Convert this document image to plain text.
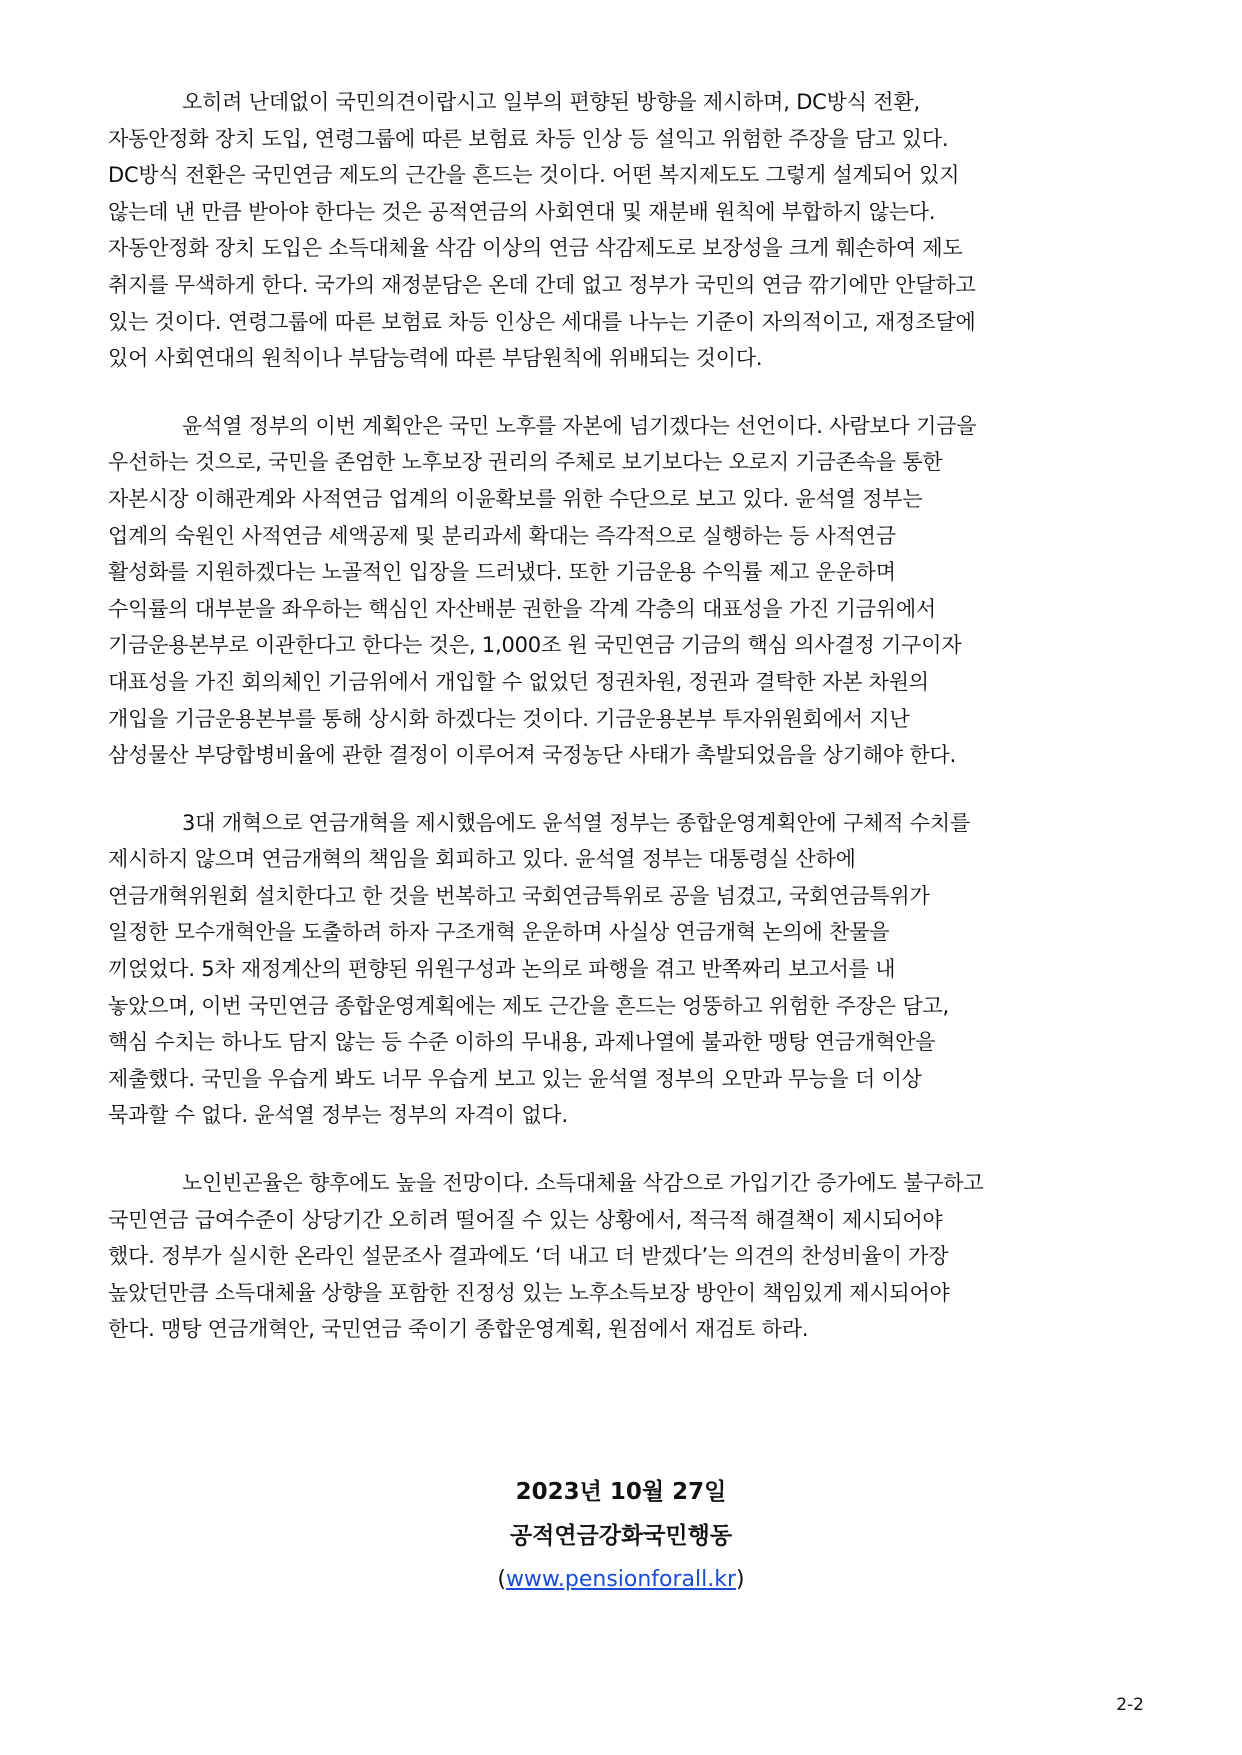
오히려 난데없이 국민의견이랍시고 일부의 편향된 방향을 제시하며, DC방식 전환,
자동안정화 장치 도입, 연령그룹에 따른 보험료 차등 인상 등 설익고 위험한 주장을 담고 있다.
DC방식 전환은 국민연금 제도의 근간을 흔드는 것이다. 어떤 복지제도도 그렇게 설계되어 있지
않는데 낸 만큼 받아야 한다는 것은 공적연금의 사회연대 및 재분배 원칙에 부합하지 않는다.
자동안정화 장치 도입은 소득대체율 삭감 이상의 연금 삭감제도로 보장성을 크게 훼손하여 제도
취지를 무색하게 한다. 국가의 재정분담은 온데 간데 없고 정부가 국민의 연금 깎기에만 안달하고
있는 것이다. 연령그룹에 따른 보험료 차등 인상은 세대를 나누는 기준이 자의적이고, 재정조달에
있어 사회연대의 원칙이나 부담능력에 따른 부담원칙에 위배되는 것이다.

윤석열 정부의 이번 계획안은 국민 노후를 자본에 넘기겠다는 선언이다. 사람보다 기금을
우선하는 것으로, 국민을 존엄한 노후보장 권리의 주체로 보기보다는 오로지 기금존속을 통한
자본시장 이해관계와 사적연금 업계의 이윤확보를 위한 수단으로 보고 있다. 윤석열 정부는
업계의 숙원인 사적연금 세액공제 및 분리과세 확대는 즉각적으로 실행하는 등 사적연금
활성화를 지원하겠다는 노골적인 입장을 드러냈다. 또한 기금운용 수익률 제고 운운하며
수익률의 대부분을 좌우하는 핵심인 자산배분 권한을 각계 각층의 대표성을 가진 기금위에서
기금운용본부로 이관한다고 한다는 것은, 1,000조 원 국민연금 기금의 핵심 의사결정 기구이자
대표성을 가진 회의체인 기금위에서 개입할 수 없었던 정권차원, 정권과 결탁한 자본 차원의
개입을 기금운용본부를 통해 상시화 하겠다는 것이다. 기금운용본부 투자위원회에서 지난
삼성물산 부당합병비율에 관한 결정이 이루어져 국정농단 사태가 촉발되었음을 상기해야 한다.

3대 개혁으로 연금개혁을 제시했음에도 윤석열 정부는 종합운영계획안에 구체적 수치를
제시하지 않으며 연금개혁의 책임을 회피하고 있다. 윤석열 정부는 대통령실 산하에
연금개혁위원회 설치한다고 한 것을 번복하고 국회연금특위로 공을 넘겼고, 국회연금특위가
일정한 모수개혁안을 도출하려 하자 구조개혁 운운하며 사실상 연금개혁 논의에 찬물을
끼얹었다. 5차 재정계산의 편향된 위원구성과 논의로 파행을 겪고 반쪽짜리 보고서를 내
놓았으며, 이번 국민연금 종합운영계획에는 제도 근간을 흔드는 엉뚱하고 위험한 주장은 담고,
핵심 수치는 하나도 담지 않는 등 수준 이하의 무내용, 과제나열에 불과한 맹탕 연금개혁안을
제출했다. 국민을 우습게 봐도 너무 우습게 보고 있는 윤석열 정부의 오만과 무능을 더 이상
묵과할 수 없다. 윤석열 정부는 정부의 자격이 없다.

노인빈곤율은 향후에도 높을 전망이다. 소득대체율 삭감으로 가입기간 증가에도 불구하고
국민연금 급여수준이 상당기간 오히려 떨어질 수 있는 상황에서, 적극적 해결책이 제시되어야
했다. 정부가 실시한 온라인 설문조사 결과에도 ‘더 내고 더 받겠다’는 의견의 찬성비율이 가장
높았던만큼 소득대체율 상향을 포함한 진정성 있는 노후소득보장 방안이 책임있게 제시되어야
한다. 맹탕 연금개혁안, 국민연금 죽이기 종합운영계획, 원점에서 재검토 하라.

2023년 10월 27일
공적연금강화국민행동
(www.pensionforall.kr)
2-2
